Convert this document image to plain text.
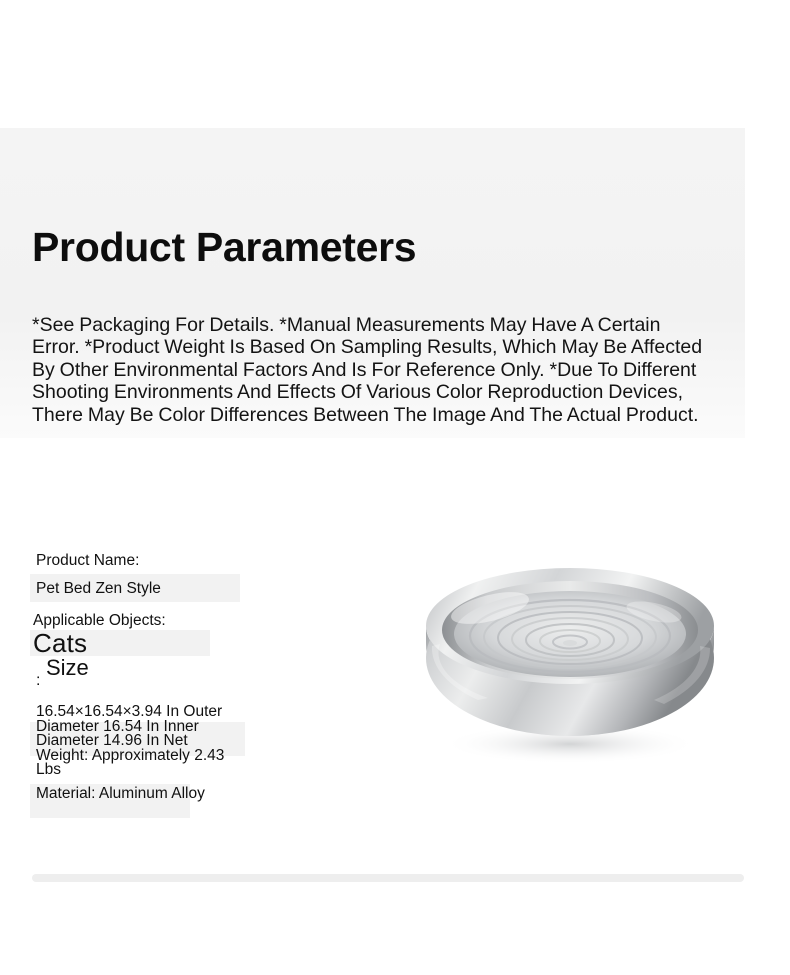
Product Parameters

*See Packaging For Details. *Manual Measurements May Have A Certain Error. *Product Weight Is Based On Sampling Results, Which May Be Affected By Other Environmental Factors And Is For Reference Only. *Due To Different Shooting Environments And Effects Of Various Color Reproduction Devices, There May Be Color Differences Between The Image And The Actual Product.

Product Name:
Pet Bed Zen Style
Applicable Objects:
Cats
Size
:
16.54×16.54×3.94 In Outer Diameter 16.54 In Inner Diameter 14.96 In Net Weight: Approximately 2.43 Lbs
Material: Aluminum Alloy
